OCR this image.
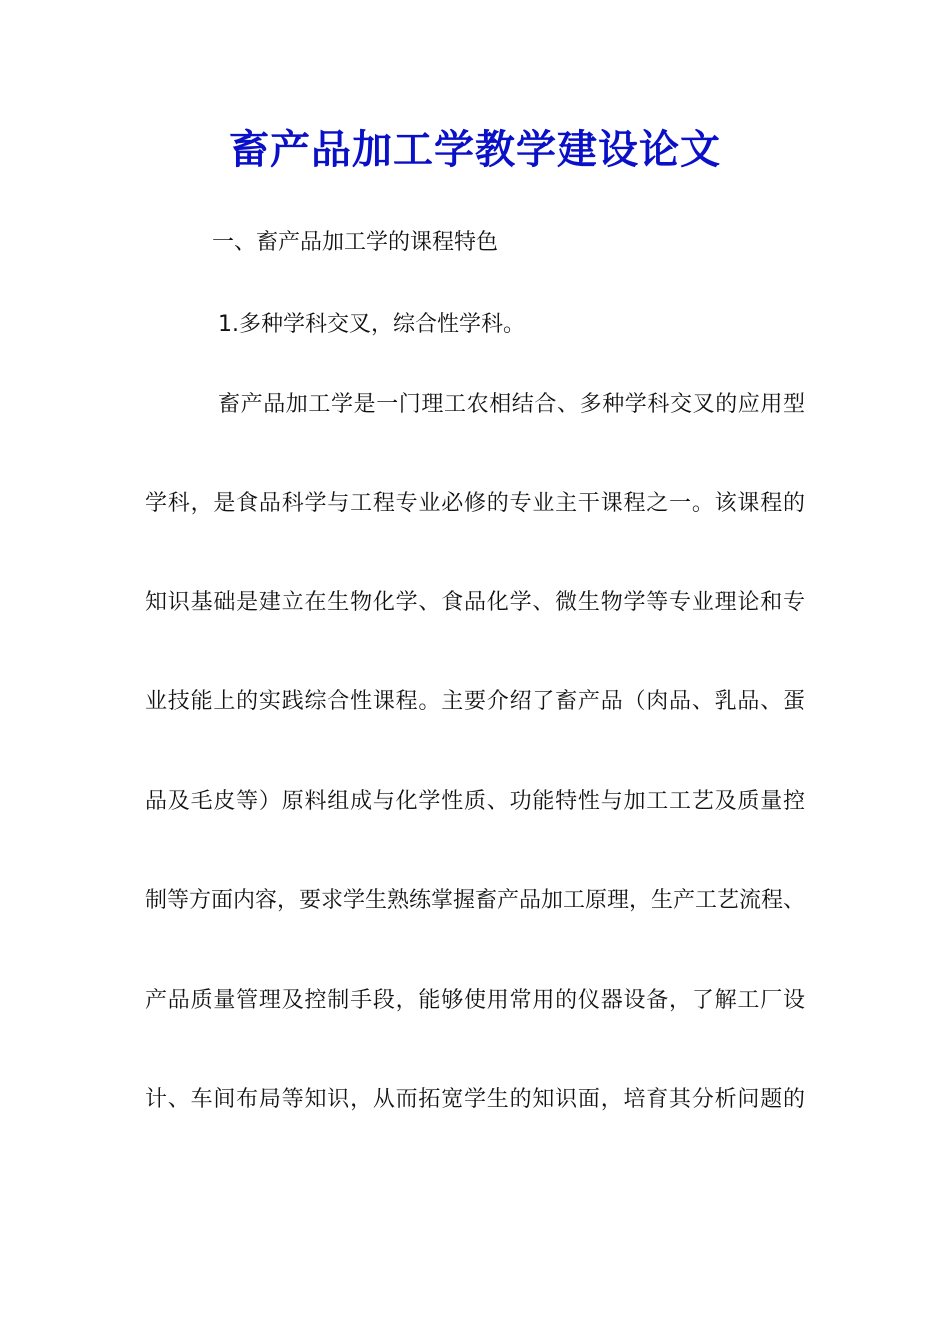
畜产品加工学教学建设论文

一、畜产品加工学的课程特色

1.多种学科交叉，综合性学科。

畜产品加工学是一门理工农相结合、多种学科交叉的应用型

学科，是食品科学与工程专业必修的专业主干课程之一。该课程的

知识基础是建立在生物化学、食品化学、微生物学等专业理论和专

业技能上的实践综合性课程。主要介绍了畜产品（肉品、乳品、蛋

品及毛皮等）原料组成与化学性质、功能特性与加工工艺及质量控

制等方面内容，要求学生熟练掌握畜产品加工原理，生产工艺流程、

产品质量管理及控制手段，能够使用常用的仪器设备，了解工厂设

计、车间布局等知识，从而拓宽学生的知识面，培育其分析问题的
